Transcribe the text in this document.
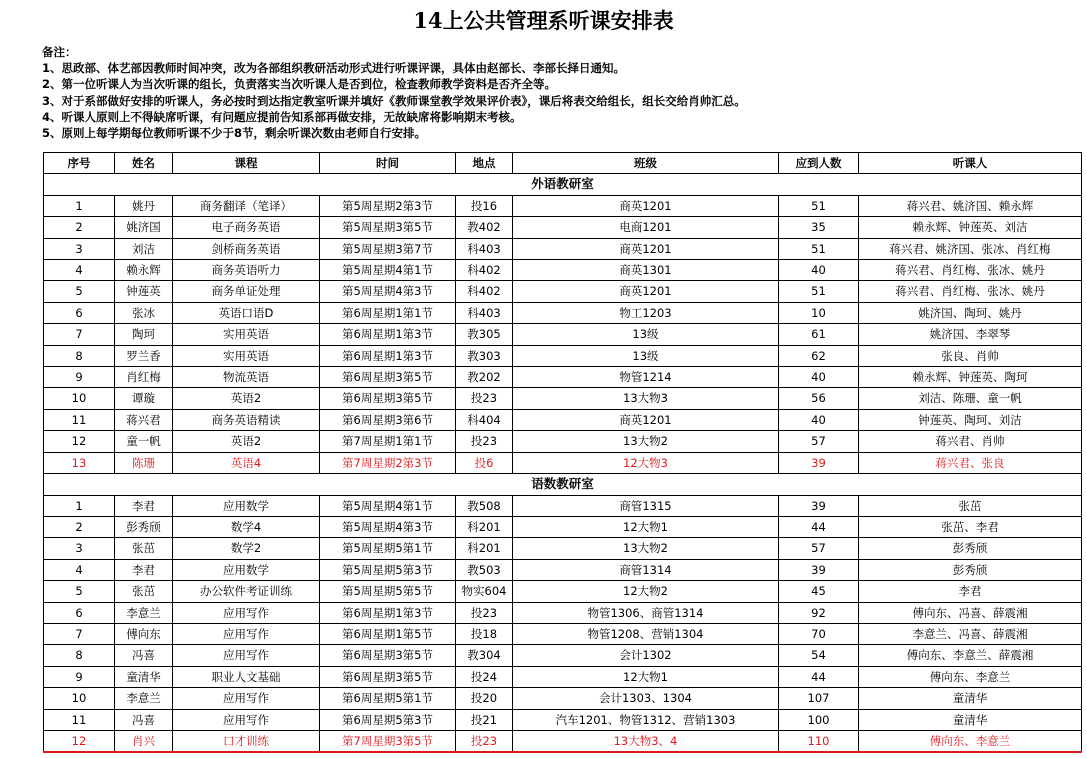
14上公共管理系听课安排表
备注：
1、思政部、体艺部因教师时间冲突，改为各部组织教研活动形式进行听课评课，具体由赵部长、李部长择日通知。
2、第一位听课人为当次听课的组长，负责落实当次听课人是否到位，检查教师教学资料是否齐全等。
3、对于系部做好安排的听课人，务必按时到达指定教室听课并填好《教师课堂教学效果评价表》，课后将表交给组长，组长交给肖帅汇总。
4、听课人原则上不得缺席听课，有问题应提前告知系部再做安排，无故缺席将影响期末考核。
5、原则上每学期每位教师听课不少于8节，剩余听课次数由老师自行安排。
序号	姓名	课程	时间	地点	班级	应到人数	听课人
外语教研室							
1	姚丹	商务翻译（笔译）	第5周星期2第3节	投16	商英1201	51	蒋兴君、姚济国、赖永辉
2	姚济国	电子商务英语	第5周星期3第5节	教402	电商1201	35	赖永辉、钟莲英、刘洁
3	刘洁	剑桥商务英语	第5周星期3第7节	科403	商英1201	51	蒋兴君、姚济国、张冰、肖红梅
4	赖永辉	商务英语听力	第5周星期4第1节	科402	商英1301	40	蒋兴君、肖红梅、张冰、姚丹
5	钟莲英	商务单证处理	第5周星期4第3节	科402	商英1201	51	蒋兴君、肖红梅、张冰、姚丹
6	张冰	英语口语D	第6周星期1第1节	科403	物工1203	10	姚济国、陶珂、姚丹
7	陶珂	实用英语	第6周星期1第3节	教305	13级	61	姚济国、李翠琴
8	罗兰香	实用英语	第6周星期1第3节	教303	13级	62	张良、肖帅
9	肖红梅	物流英语	第6周星期3第5节	教202	物管1214	40	赖永辉、钟莲英、陶珂
10	谭璇	英语2	第6周星期3第5节	投23	13大物3	56	刘洁、陈珊、童一帆
11	蒋兴君	商务英语精读	第6周星期3第6节	科404	商英1201	40	钟莲英、陶珂、刘洁
12	童一帆	英语2	第7周星期1第1节	投23	13大物2	57	蒋兴君、肖帅
13	陈珊	英语4	第7周星期2第3节	投6	12大物3	39	蒋兴君、张良
语数教研室							
1	李君	应用数学	第5周星期4第1节	教508	商管1315	39	张茁
2	彭秀颀	数学4	第5周星期4第3节	科201	12大物1	44	张茁、李君
3	张茁	数学2	第5周星期5第1节	科201	13大物2	57	彭秀颀
4	李君	应用数学	第5周星期5第3节	教503	商管1314	39	彭秀颀
5	张茁	办公软件考证训练	第5周星期5第5节	物实604	12大物2	45	李君
6	李意兰	应用写作	第6周星期1第3节	投23	物管1306、商管1314	92	傅向东、冯喜、薛震湘
7	傅向东	应用写作	第6周星期1第5节	投18	物管1208、营销1304	70	李意兰、冯喜、薛震湘
8	冯喜	应用写作	第6周星期3第5节	教304	会计1302	54	傅向东、李意兰、薛震湘
9	童清华	职业人文基础	第6周星期3第5节	投24	12大物1	44	傅向东、李意兰
10	李意兰	应用写作	第6周星期5第1节	投20	会计1303、1304	107	童清华
11	冯喜	应用写作	第6周星期5第3节	投21	汽车1201、物管1312、营销1303	100	童清华
12	肖兴	口才训练	第7周星期3第5节	投23	13大物3、4	110	傅向东、李意兰
